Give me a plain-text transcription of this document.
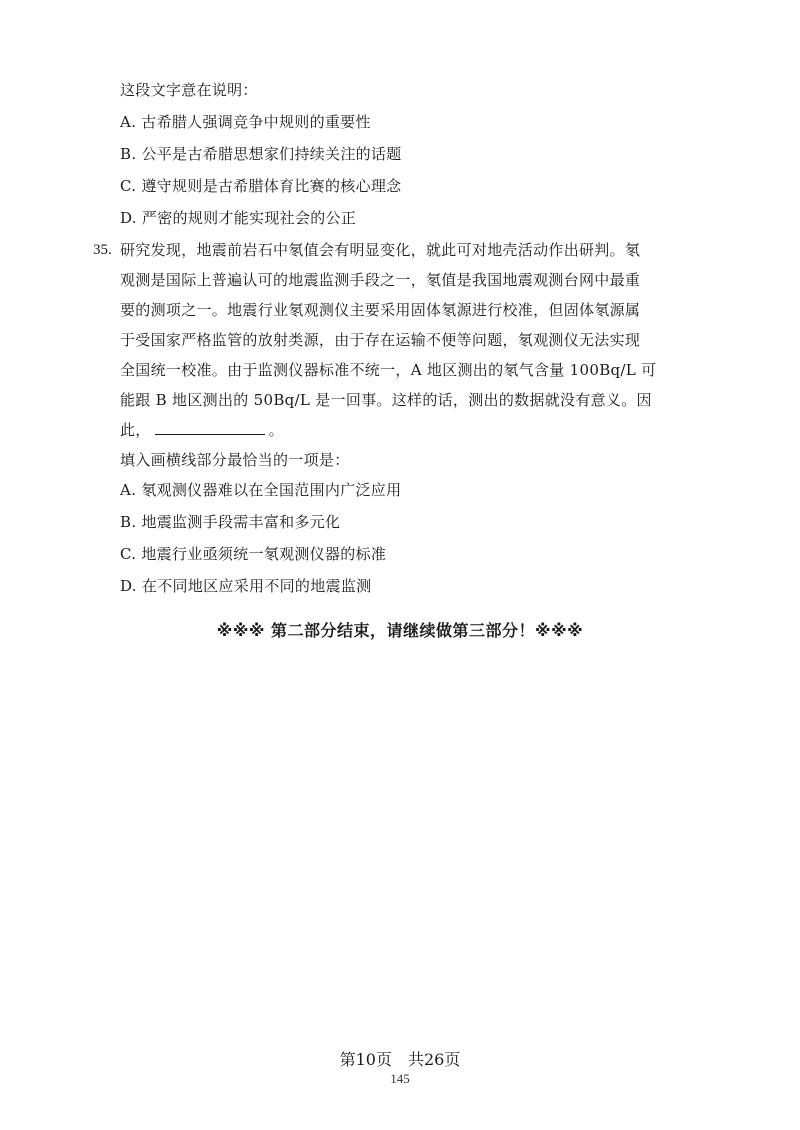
这段文字意在说明：
A. 古希腊人强调竞争中规则的重要性
B. 公平是古希腊思想家们持续关注的话题
C. 遵守规则是古希腊体育比赛的核心理念
D. 严密的规则才能实现社会的公正
35. 研究发现，地震前岩石中氡值会有明显变化，就此可对地壳活动作出研判。氡
观测是国际上普遍认可的地震监测手段之一，氡值是我国地震观测台网中最重
要的测项之一。地震行业氡观测仪主要采用固体氡源进行校准，但固体氡源属
于受国家严格监管的放射类源，由于存在运输不便等问题，氡观测仪无法实现
全国统一校准。由于监测仪器标准不统一，A 地区测出的氡气含量 100Bq/L 可
能跟 B 地区测出的 50Bq/L 是一回事。这样的话，测出的数据就没有意义。因
此，	。
填入画横线部分最恰当的一项是：
A. 氡观测仪器难以在全国范围内广泛应用
B. 地震监测手段需丰富和多元化
C. 地震行业亟须统一氡观测仪器的标准
D. 在不同地区应采用不同的地震监测
※※※ 第二部分结束，请继续做第三部分！※※※
第10页　共26页
145
